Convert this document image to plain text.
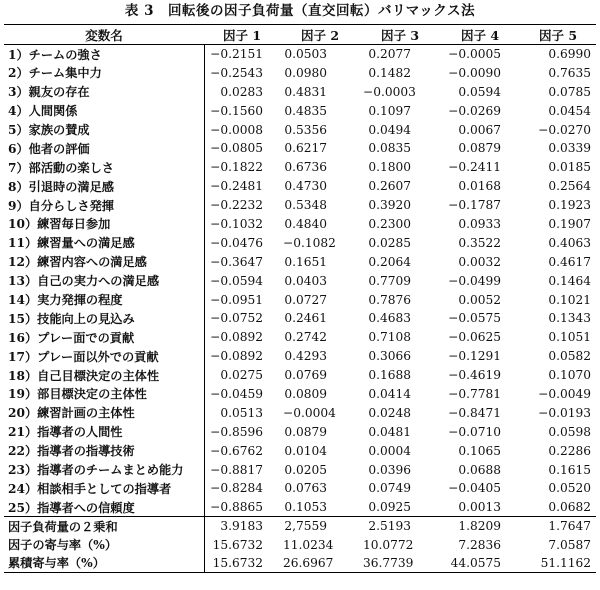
表 3　回転後の因子負荷量（直交回転）バリマックス法
変数名	因子 1	因子 2	因子 3	因子 4	因子 5
1）チームの強さ	−0.2151	0.0503	0.2077	−0.0005	0.6990
2）チーム集中力	−0.2543	0.0980	0.1482	−0.0090	0.7635
3）親友の存在	0.0283	0.4831	−0.0003	0.0594	0.0785
4）人間関係	−0.1560	0.4835	0.1097	−0.0269	0.0454
5）家族の賛成	−0.0008	0.5356	0.0494	0.0067	−0.0270
6）他者の評価	−0.0805	0.6217	0.0835	0.0879	0.0339
7）部活動の楽しさ	−0.1822	0.6736	0.1800	−0.2411	0.0185
8）引退時の満足感	−0.2481	0.4730	0.2607	0.0168	0.2564
9）自分らしさ発揮	−0.2232	0.5348	0.3920	−0.1787	0.1923
10）練習毎日参加	−0.1032	0.4840	0.2300	0.0933	0.1907
11）練習量への満足感	−0.0476	−0.1082	0.0285	0.3522	0.4063
12）練習内容への満足感	−0.3647	0.1651	0.2064	0.0032	0.4617
13）自己の実力への満足感	−0.0594	0.0403	0.7709	−0.0499	0.1464
14）実力発揮の程度	−0.0951	0.0727	0.7876	0.0052	0.1021
15）技能向上の見込み	−0.0752	0.2461	0.4683	−0.0575	0.1343
16）プレー面での貢献	−0.0892	0.2742	0.7108	−0.0625	0.1051
17）プレー面以外での貢献	−0.0892	0.4293	0.3066	−0.1291	0.0582
18）自己目標決定の主体性	0.0275	0.0769	0.1688	−0.4619	0.1070
19）部目標決定の主体性	−0.0459	0.0809	0.0414	−0.7781	−0.0049
20）練習計画の主体性	0.0513	−0.0004	0.0248	−0.8471	−0.0193
21）指導者の人間性	−0.8596	0.0879	0.0481	−0.0710	0.0598
22）指導者の指導技術	−0.6762	0.0104	0.0004	0.1065	0.2286
23）指導者のチームまとめ能力	−0.8817	0.0205	0.0396	0.0688	0.1615
24）相談相手としての指導者	−0.8284	0.0763	0.0749	−0.0405	0.0520
25）指導者への信頼度	−0.8865	0.1053	0.0925	0.0013	0.0682
因子負荷量の２乗和	3.9183	2,7559	2.5193	1.8209	1.7647
因子の寄与率（%）	15.6732	11.0234	10.0772	7.2836	7.0587
累積寄与率（%）	15.6732	26.6967	36.7739	44.0575	51.1162
